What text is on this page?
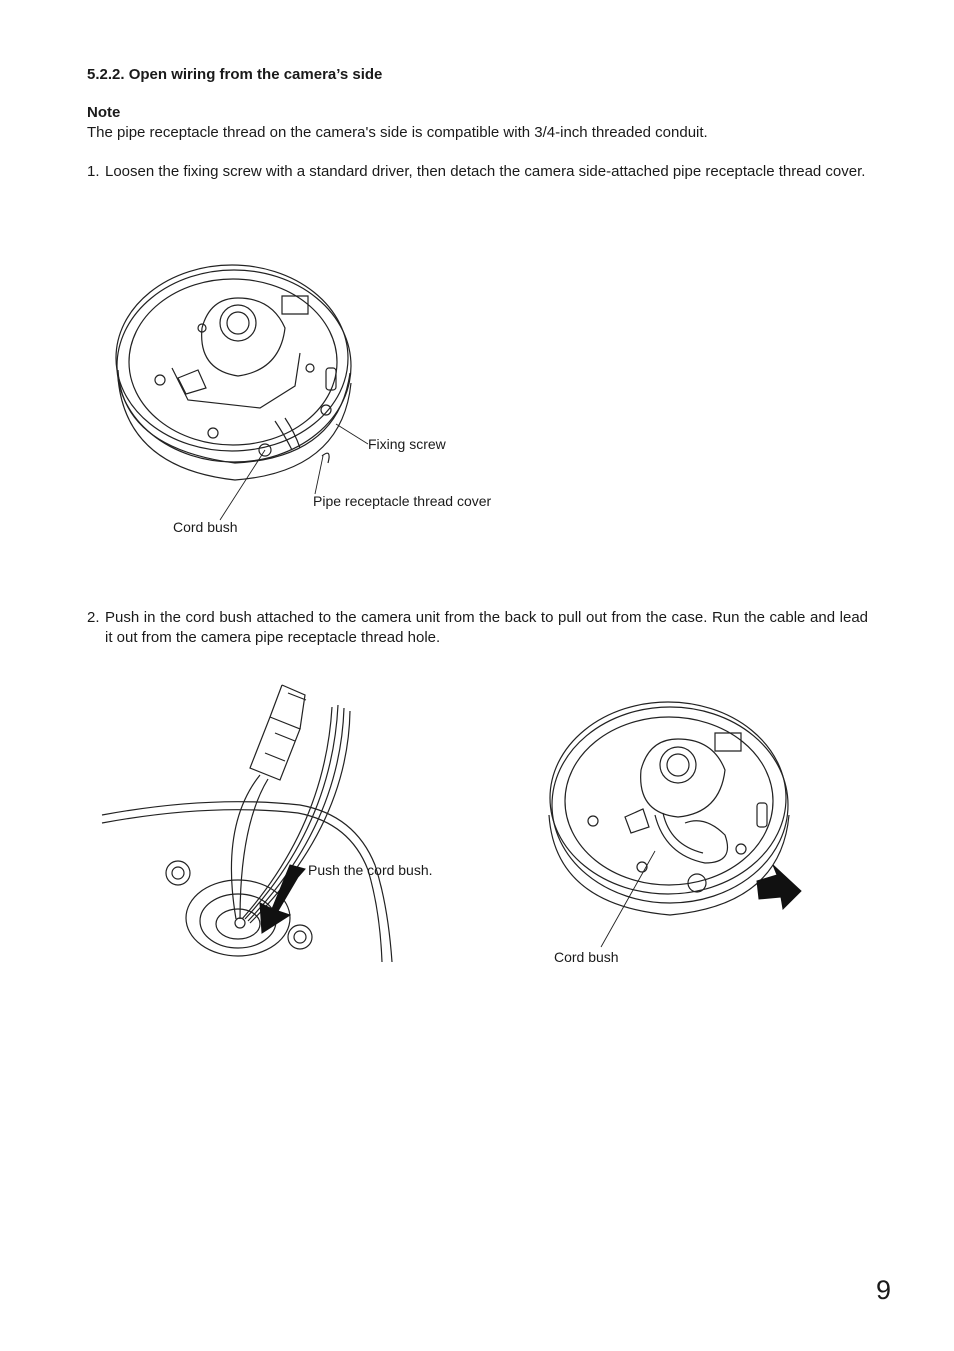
5.2.2. Open wiring from the camera’s side
Note
The pipe receptacle thread on the camera's side is compatible with 3/4-inch threaded conduit.
1. Loosen the fixing screw with a standard driver, then detach the camera side-attached pipe receptacle thread cover.
Fixing screw
Pipe receptacle thread cover
Cord bush
2. Push in the cord bush attached to the camera unit from the back to pull out from the case. Run the cable and lead it out from the camera pipe receptacle thread hole.
Push the cord bush.
Cord bush
9
